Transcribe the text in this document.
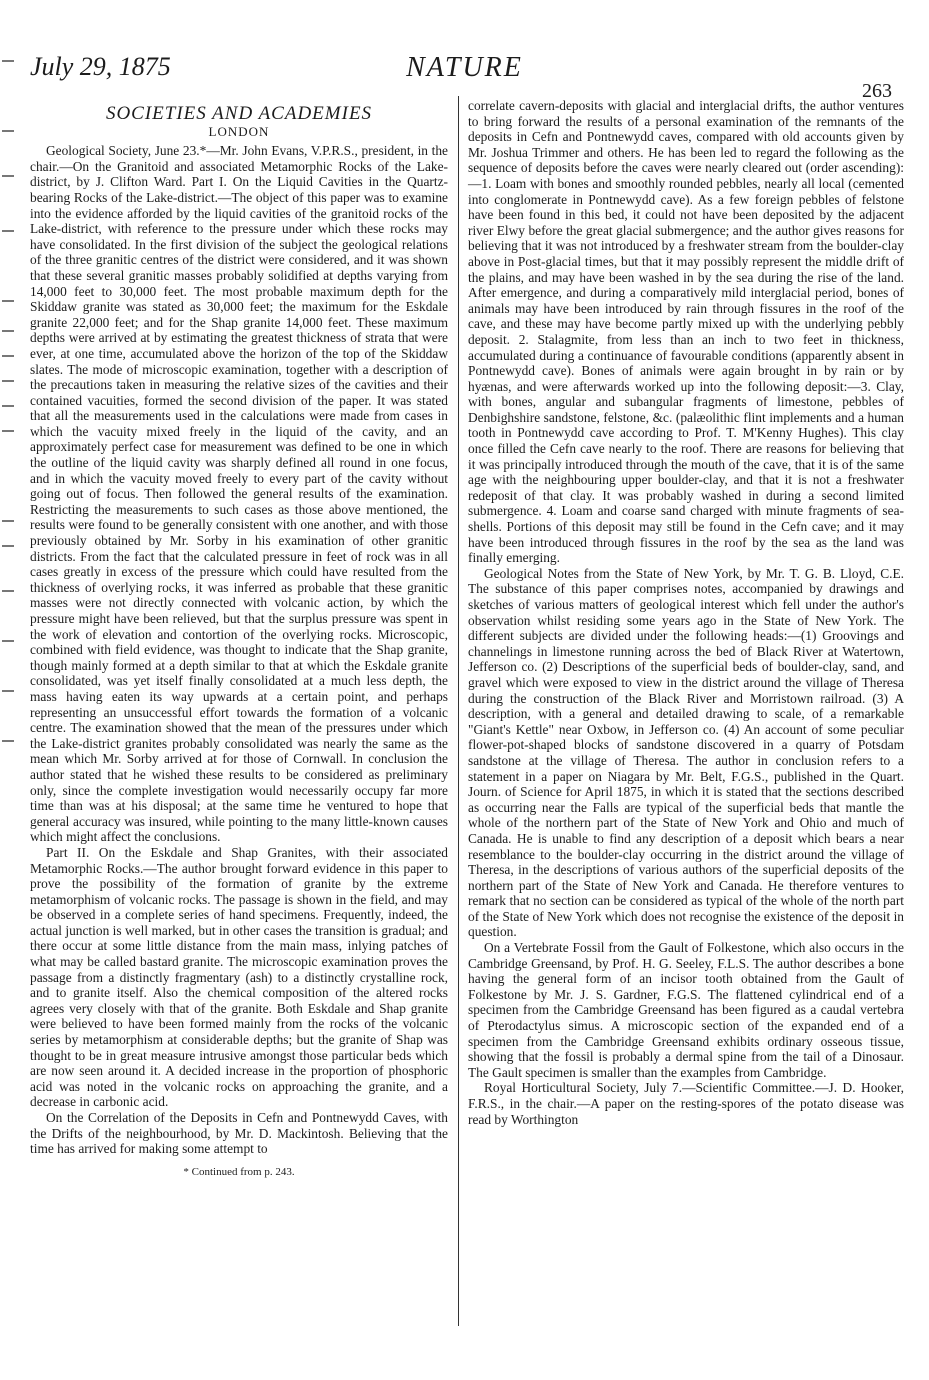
July 29, 1875	NATURE
263
SOCIETIES AND ACADEMIES
LONDON

Geological Society, June 23.*—Mr. John Evans, V.P.R.S., president, in the chair.—On the Granitoid and associated Metamorphic Rocks of the Lake-district, by J. Clifton Ward. Part I. On the Liquid Cavities in the Quartz-bearing Rocks of the Lake-district.—The object of this paper was to examine into the evidence afforded by the liquid cavities of the granitoid rocks of the Lake-district, with reference to the pressure under which these rocks may have consolidated. In the first division of the subject the geological relations of the three granitic centres of the district were considered, and it was shown that these several granitic masses probably solidified at depths varying from 14,000 feet to 30,000 feet. The most probable maximum depth for the Skiddaw granite was stated as 30,000 feet; the maximum for the Eskdale granite 22,000 feet; and for the Shap granite 14,000 feet. These maximum depths were arrived at by estimating the greatest thickness of strata that were ever, at one time, accumulated above the horizon of the top of the Skiddaw slates. The mode of microscopic examination, together with a description of the precautions taken in measuring the relative sizes of the cavities and their contained vacuities, formed the second division of the paper. It was stated that all the measurements used in the calculations were made from cases in which the vacuity mixed freely in the liquid of the cavity, and an approximately perfect case for measurement was defined to be one in which the outline of the liquid cavity was sharply defined all round in one focus, and in which the vacuity moved freely to every part of the cavity without going out of focus. Then followed the general results of the examination. Restricting the measurements to such cases as those above mentioned, the results were found to be generally consistent with one another, and with those previously obtained by Mr. Sorby in his examination of other granitic districts. From the fact that the calculated pressure in feet of rock was in all cases greatly in excess of the pressure which could have resulted from the thickness of overlying rocks, it was inferred as probable that these granitic masses were not directly connected with volcanic action, by which the pressure might have been relieved, but that the surplus pressure was spent in the work of elevation and contortion of the overlying rocks. Microscopic, combined with field evidence, was thought to indicate that the Shap granite, though mainly formed at a depth similar to that at which the Eskdale granite consolidated, was yet itself finally consolidated at a much less depth, the mass having eaten its way upwards at a certain point, and perhaps representing an unsuccessful effort towards the formation of a volcanic centre. The examination showed that the mean of the pressures under which the Lake-district granites probably consolidated was nearly the same as the mean which Mr. Sorby arrived at for those of Cornwall. In conclusion the author stated that he wished these results to be considered as preliminary only, since the complete investigation would necessarily occupy far more time than was at his disposal; at the same time he ventured to hope that general accuracy was insured, while pointing to the many little-known causes which might affect the conclusions.

Part II. On the Eskdale and Shap Granites, with their associated Metamorphic Rocks.—The author brought forward evidence in this paper to prove the possibility of the formation of granite by the extreme metamorphism of volcanic rocks. The passage is shown in the field, and may be observed in a complete series of hand specimens. Frequently, indeed, the actual junction is well marked, but in other cases the transition is gradual; and there occur at some little distance from the main mass, inlying patches of what may be called bastard granite. The microscopic examination proves the passage from a distinctly fragmentary (ash) to a distinctly crystalline rock, and to granite itself. Also the chemical composition of the altered rocks agrees very closely with that of the granite. Both Eskdale and Shap granite were believed to have been formed mainly from the rocks of the volcanic series by metamorphism at considerable depths; but the granite of Shap was thought to be in great measure intrusive amongst those particular beds which are now seen around it. A decided increase in the proportion of phosphoric acid was noted in the volcanic rocks on approaching the granite, and a decrease in carbonic acid.

On the Correlation of the Deposits in Cefn and Pontnewydd Caves, with the Drifts of the neighbourhood, by Mr. D. Mackintosh. Believing that the time has arrived for making some attempt to

* Continued from p. 243.

correlate cavern-deposits with glacial and interglacial drifts, the author ventures to bring forward the results of a personal examination of the remnants of the deposits in Cefn and Pontnewydd caves, compared with old accounts given by Mr. Joshua Trimmer and others. He has been led to regard the following as the sequence of deposits before the caves were nearly cleared out (order ascending):—1. Loam with bones and smoothly rounded pebbles, nearly all local (cemented into conglomerate in Pontnewydd cave). As a few foreign pebbles of felstone have been found in this bed, it could not have been deposited by the adjacent river Elwy before the great glacial submergence; and the author gives reasons for believing that it was not introduced by a freshwater stream from the boulder-clay above in Post-glacial times, but that it may possibly represent the middle drift of the plains, and may have been washed in by the sea during the rise of the land. After emergence, and during a comparatively mild interglacial period, bones of animals may have been introduced by rain through fissures in the roof of the cave, and these may have become partly mixed up with the underlying pebbly deposit. 2. Stalagmite, from less than an inch to two feet in thickness, accumulated during a continuance of favourable conditions (apparently absent in Pontnewydd cave). Bones of animals were again brought in by rain or by hyænas, and were afterwards worked up into the following deposit:—3. Clay, with bones, angular and subangular fragments of limestone, pebbles of Denbighshire sandstone, felstone, &c. (palæolithic flint implements and a human tooth in Pontnewydd cave according to Prof. T. M'Kenny Hughes). This clay once filled the Cefn cave nearly to the roof. There are reasons for believing that it was principally introduced through the mouth of the cave, that it is of the same age with the neighbouring upper boulder-clay, and that it is not a freshwater redeposit of that clay. It was probably washed in during a second limited submergence. 4. Loam and coarse sand charged with minute fragments of sea-shells. Portions of this deposit may still be found in the Cefn cave; and it may have been introduced through fissures in the roof by the sea as the land was finally emerging.

Geological Notes from the State of New York, by Mr. T. G. B. Lloyd, C.E. The substance of this paper comprises notes, accompanied by drawings and sketches of various matters of geological interest which fell under the author's observation whilst residing some years ago in the State of New York. The different subjects are divided under the following heads:—(1) Groovings and channelings in limestone running across the bed of Black River at Watertown, Jefferson co. (2) Descriptions of the superficial beds of boulder-clay, sand, and gravel which were exposed to view in the district around the village of Theresa during the construction of the Black River and Morristown railroad. (3) A description, with a general and detailed drawing to scale, of a remarkable "Giant's Kettle" near Oxbow, in Jefferson co. (4) An account of some peculiar flower-pot-shaped blocks of sandstone discovered in a quarry of Potsdam sandstone at the village of Theresa. The author in conclusion refers to a statement in a paper on Niagara by Mr. Belt, F.G.S., published in the Quart. Journ. of Science for April 1875, in which it is stated that the sections described as occurring near the Falls are typical of the superficial beds that mantle the whole of the northern part of the State of New York and Ohio and much of Canada. He is unable to find any description of a deposit which bears a near resemblance to the boulder-clay occurring in the district around the village of Theresa, in the descriptions of various authors of the superficial deposits of the northern part of the State of New York and Canada. He therefore ventures to remark that no section can be considered as typical of the whole of the north part of the State of New York which does not recognise the existence of the deposit in question.

On a Vertebrate Fossil from the Gault of Folkestone, which also occurs in the Cambridge Greensand, by Prof. H. G. Seeley, F.L.S. The author describes a bone having the general form of an incisor tooth obtained from the Gault of Folkestone by Mr. J. S. Gardner, F.G.S. The flattened cylindrical end of a specimen from the Cambridge Greensand has been figured as a caudal vertebra of Pterodactylus simus. A microscopic section of the expanded end of a specimen from the Cambridge Greensand exhibits ordinary osseous tissue, showing that the fossil is probably a dermal spine from the tail of a Dinosaur. The Gault specimen is smaller than the examples from Cambridge.

Royal Horticultural Society, July 7.—Scientific Committee.—J. D. Hooker, F.R.S., in the chair.—A paper on the resting-spores of the potato disease was read by Worthington
